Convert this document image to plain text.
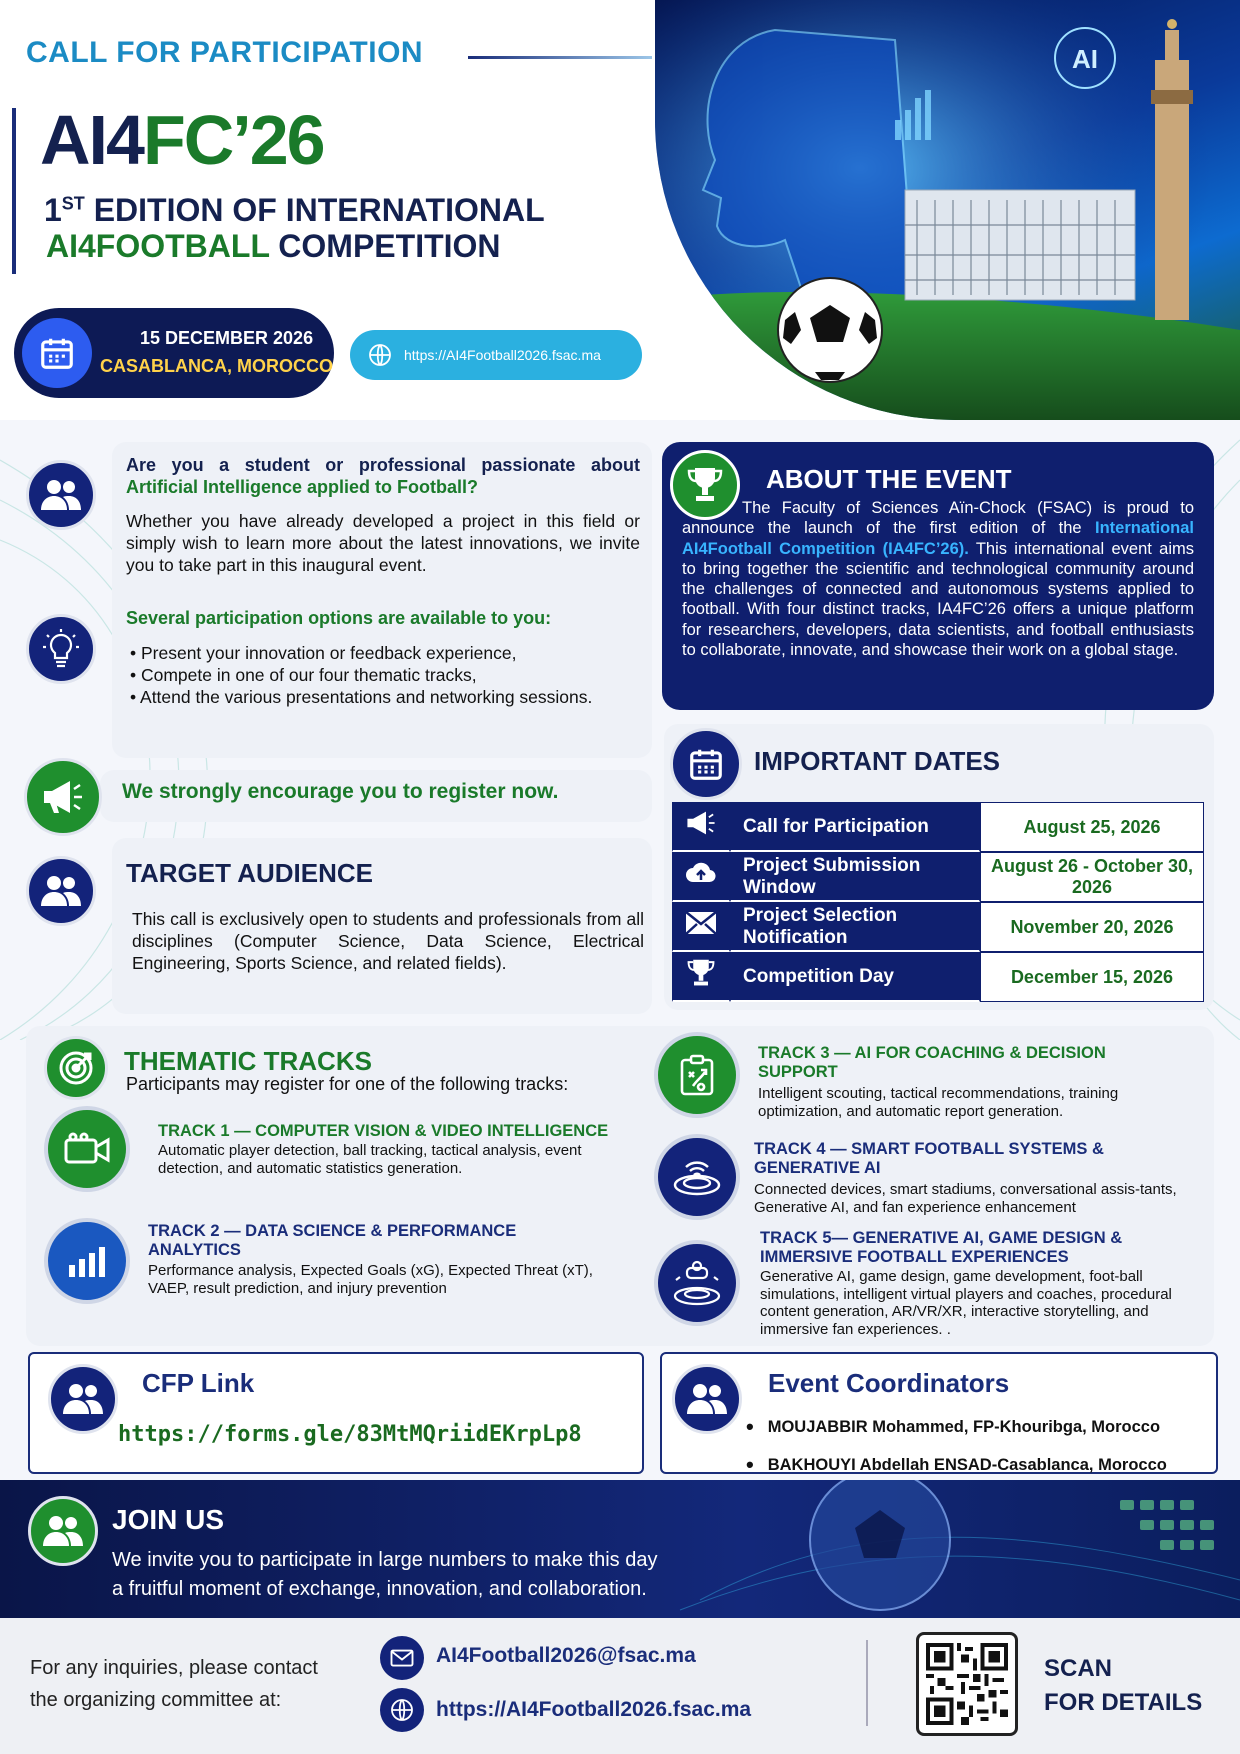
CALL FOR PARTICIPATION
AI4FC’26
1ST EDITION OF INTERNATIONAL
AI4FOOTBALL COMPETITION
15 DECEMBER 2026
CASABLANCA, MOROCCO
https://AI4Football2026.fsac.ma
AI
Are you a student or professional passionate about Artificial Intelligence applied to Football?
Whether you have already developed a project in this field or simply wish to learn more about the latest innovations, we invite you to take part in this inaugural event.
Several participation options are available to you:
• Present your innovation or feedback experience,
• Compete in one of our four thematic tracks,
• Attend the various presentations and networking sessions.
We strongly encourage you to register now.
TARGET AUDIENCE
This call is exclusively open to students and professionals from all disciplines (Computer Science, Data Science, Electrical Engineering, Sports Science, and related fields).
ABOUT THE EVENT
The Faculty of Sciences Aïn-Chock (FSAC) is proud to announce the launch of the first edition of the International AI4Football Competition (IA4FC’26). This international event aims to bring together the scientific and technological community around the challenges of connected and autonomous systems applied to football. With four distinct tracks, IA4FC’26 offers a unique platform for researchers, developers, data scientists, and football enthusiasts to collaborate, innovate, and showcase their work on a global stage.
IMPORTANT DATES
	Call for Participation	August 25, 2026
	Project Submission Window	August 26 - October 30, 2026
	Project Selection Notification	November 20, 2026
	Competition Day	December 15, 2026
THEMATIC TRACKS
Participants may register for one of the following tracks:
TRACK 1 — COMPUTER VISION & VIDEO INTELLIGENCE
Automatic player detection, ball tracking, tactical analysis, event detection, and automatic statistics generation.
TRACK 2 — DATA SCIENCE & PERFORMANCE ANALYTICS
Performance analysis, Expected Goals (xG), Expected Threat (xT), VAEP, result prediction, and injury prevention
TRACK 3 — AI FOR COACHING & DECISION SUPPORT
Intelligent scouting, tactical recommendations, training optimization, and automatic report generation.
TRACK 4 — SMART FOOTBALL SYSTEMS & GENERATIVE AI
Connected devices, smart stadiums, conversational assis-tants, Generative AI, and fan experience enhancement
TRACK 5— GENERATIVE AI, GAME DESIGN & IMMERSIVE FOOTBALL EXPERIENCES
Generative AI, game design, game development, foot-ball simulations, intelligent virtual players and coaches, procedural content generation, AR/VR/XR, interactive storytelling, and immersive fan experiences. .
CFP Link
https://forms.gle/83MtMQriidEKrpLp8
Event Coordinators
• MOUJABBIR Mohammed, FP-Khouribga, Morocco
• BAKHOUYI Abdellah ENSAD-Casablanca, Morocco
JOIN US
We invite you to participate in large numbers to make this day a fruitful moment of exchange, innovation, and collaboration.
For any inquiries, please contact the organizing committee at:
AI4Football2026@fsac.ma
https://AI4Football2026.fsac.ma
SCAN
FOR DETAILS
